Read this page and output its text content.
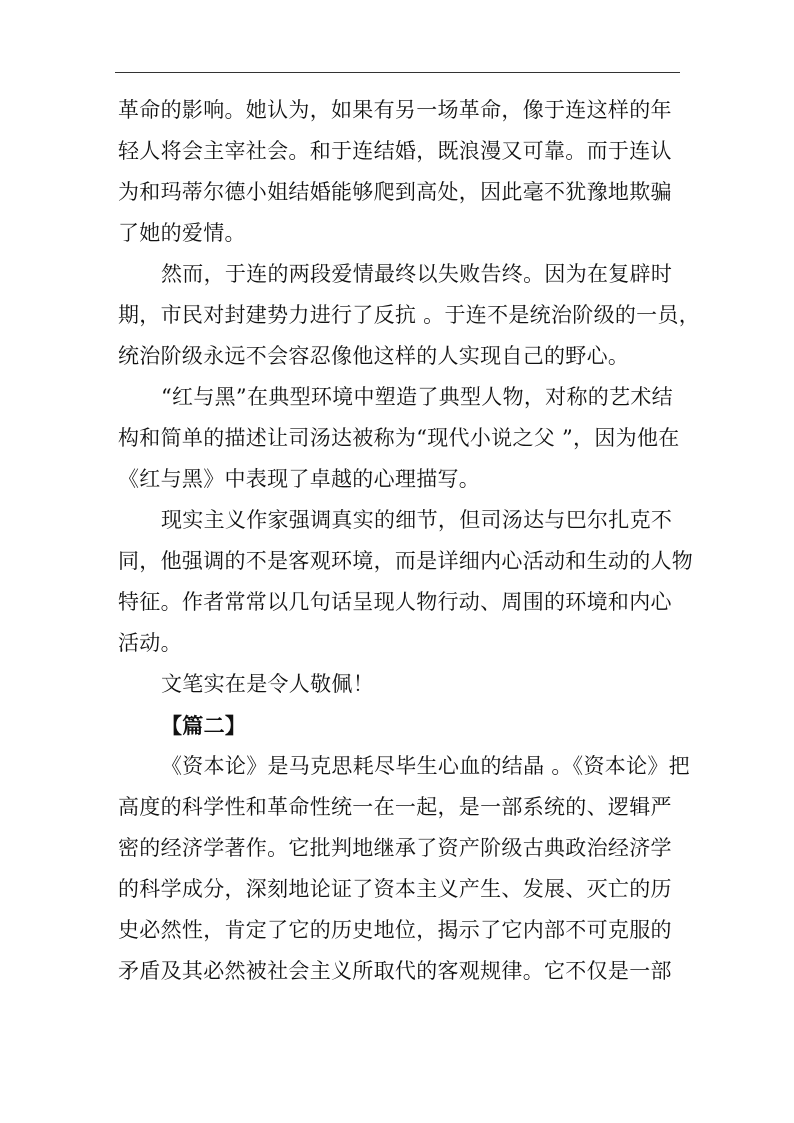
革命的影响。她认为，如果有另一场革命，像于连这样的年
轻人将会主宰社会。和于连结婚，既浪漫又可靠。而于连认
为和玛蒂尔德小姐结婚能够爬到高处，因此毫不犹豫地欺骗
了她的爱情。
然而，于连的两段爱情最终以失败告终。因为在复辟时
期，市民对封建势力进行了反抗 。于连不是统治阶级的一员，
统治阶级永远不会容忍像他这样的人实现自己的野心。
“红与黑”在典型环境中塑造了典型人物，对称的艺术结
构和简单的描述让司汤达被称为“现代小说之父 ”，因为他在
《红与黑》中表现了卓越的心理描写。
现实主义作家强调真实的细节，但司汤达与巴尔扎克不
同，他强调的不是客观环境，而是详细内心活动和生动的人物
特征。作者常常以几句话呈现人物行动、周围的环境和内心
活动。
文笔实在是令人敬佩！
【篇二】
《资本论》是马克思耗尽毕生心血的结晶 。《资本论》把
高度的科学性和革命性统一在一起，是一部系统的、逻辑严
密的经济学著作。它批判地继承了资产阶级古典政治经济学
的科学成分，深刻地论证了资本主义产生、发展、灭亡的历
史必然性，肯定了它的历史地位，揭示了它内部不可克服的
矛盾及其必然被社会主义所取代的客观规律。它不仅是一部
